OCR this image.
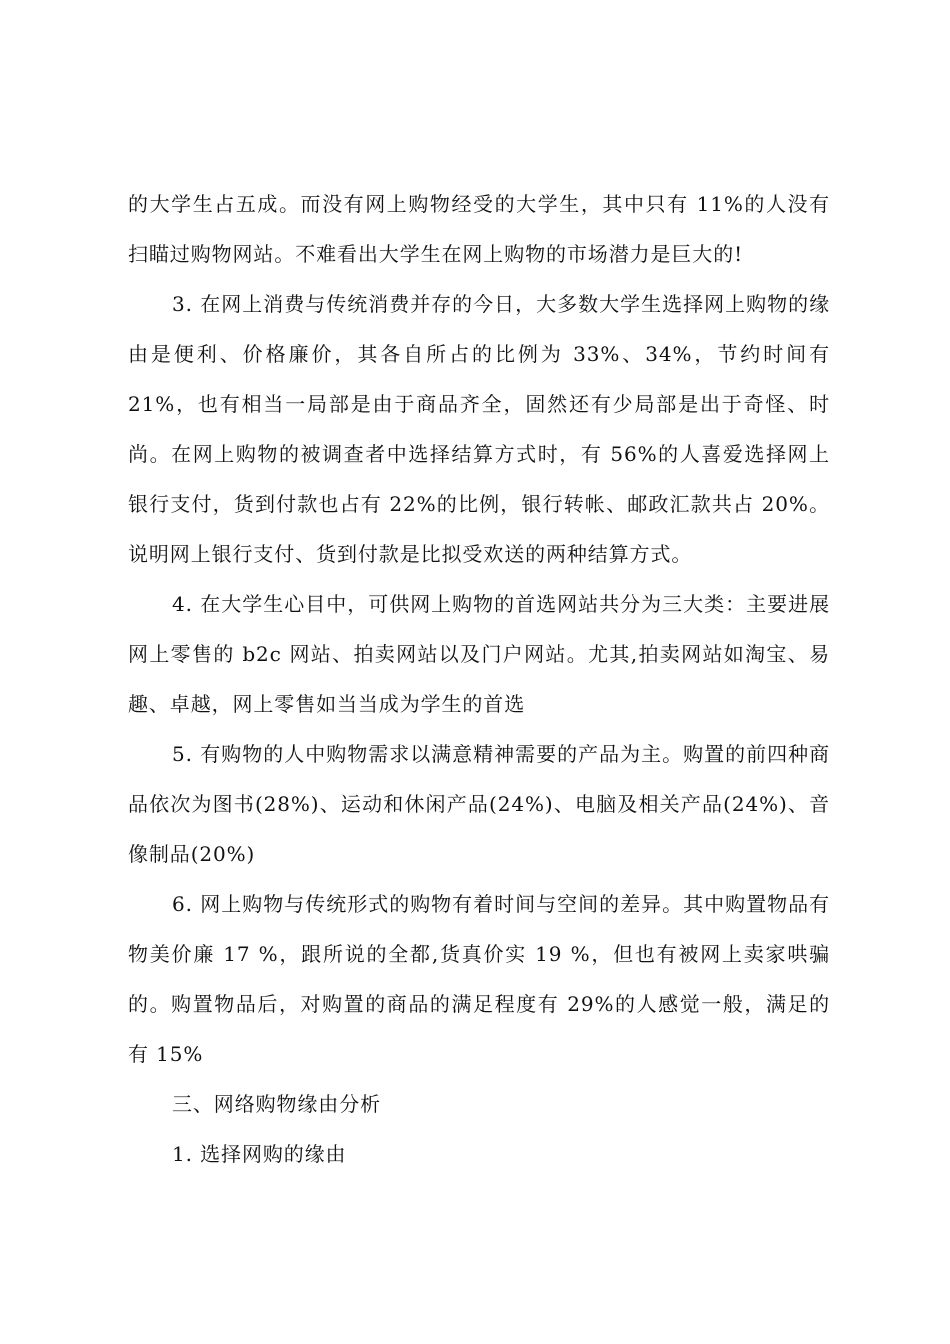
的大学生占五成。而没有网上购物经受的大学生，其中只有 11%的人没有扫瞄过购物网站。不难看出大学生在网上购物的市场潜力是巨大的!

3. 在网上消费与传统消费并存的今日，大多数大学生选择网上购物的缘由是便利、价格廉价，其各自所占的比例为 33%、34%，节约时间有 21%，也有相当一局部是由于商品齐全，固然还有少局部是出于奇怪、时尚。在网上购物的被调查者中选择结算方式时，有 56%的人喜爱选择网上银行支付，货到付款也占有 22%的比例，银行转帐、邮政汇款共占 20%。说明网上银行支付、货到付款是比拟受欢送的两种结算方式。

4. 在大学生心目中，可供网上购物的首选网站共分为三大类：主要进展网上零售的 b2c 网站、拍卖网站以及门户网站。尤其,拍卖网站如淘宝、易趣、卓越，网上零售如当当成为学生的首选

5. 有购物的人中购物需求以满意精神需要的产品为主。购置的前四种商品依次为图书(28%)、运动和休闲产品(24%)、电脑及相关产品(24%)、音像制品(20%)

6. 网上购物与传统形式的购物有着时间与空间的差异。其中购置物品有物美价廉 17 %，跟所说的全都,货真价实 19 %，但也有被网上卖家哄骗的。购置物品后，对购置的商品的满足程度有 29%的人感觉一般，满足的有 15%

三、网络购物缘由分析

1. 选择网购的缘由
